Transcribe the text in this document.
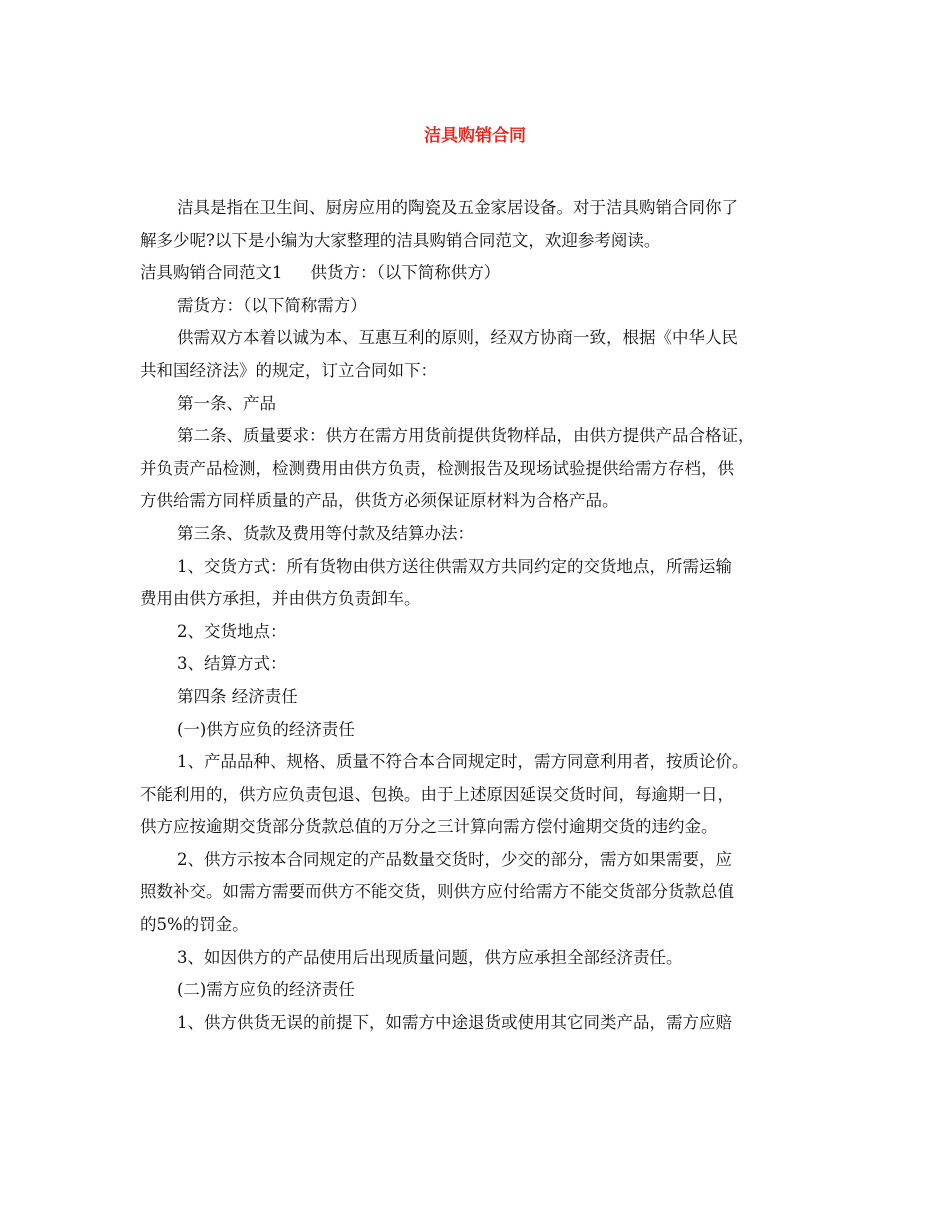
洁具购销合同

洁具是指在卫生间、厨房应用的陶瓷及五金家居设备。对于洁具购销合同你了

解多少呢?以下是小编为大家整理的洁具购销合同范文，欢迎参考阅读。

洁具购销合同范文1 供货方：（以下简称供方）

需货方：（以下简称需方）

供需双方本着以诚为本、互惠互利的原则，经双方协商一致，根据《中华人民

共和国经济法》的规定，订立合同如下：

第一条、产品

第二条、质量要求：供方在需方用货前提供货物样品，由供方提供产品合格证，

并负责产品检测，检测费用由供方负责，检测报告及现场试验提供给需方存档，供

方供给需方同样质量的产品，供货方必须保证原材料为合格产品。

第三条、货款及费用等付款及结算办法：

1、交货方式：所有货物由供方送往供需双方共同约定的交货地点，所需运输

费用由供方承担，并由供方负责卸车。

2、交货地点：

3、结算方式：

第四条 经济责任

(一)供方应负的经济责任

1、产品品种、规格、质量不符合本合同规定时，需方同意利用者，按质论价。

不能利用的，供方应负责包退、包换。由于上述原因延误交货时间，每逾期一日，

供方应按逾期交货部分货款总值的万分之三计算向需方偿付逾期交货的违约金。

2、供方示按本合同规定的产品数量交货时，少交的部分，需方如果需要，应

照数补交。如需方需要而供方不能交货，则供方应付给需方不能交货部分货款总值

的5%的罚金。

3、如因供方的产品使用后出现质量问题，供方应承担全部经济责任。

(二)需方应负的经济责任

1、供方供货无误的前提下，如需方中途退货或使用其它同类产品，需方应赔
